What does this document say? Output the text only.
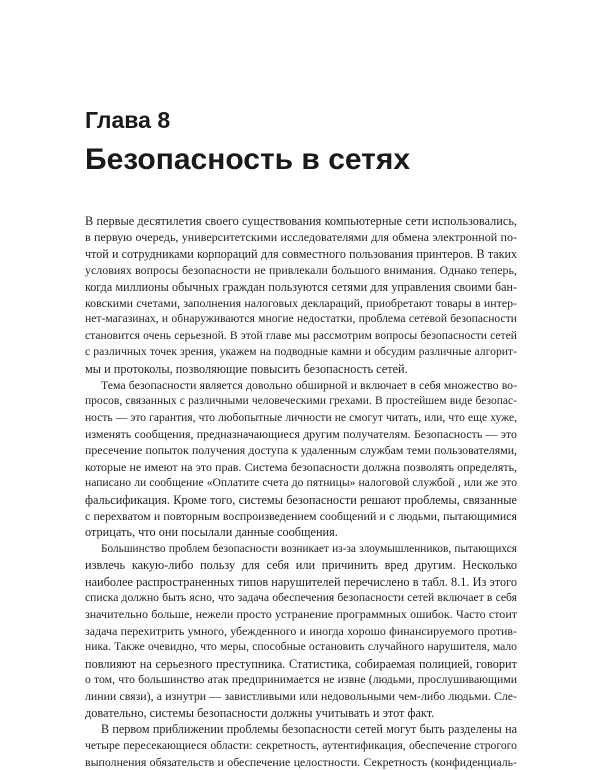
Глава 8
Безопасность в сетях
В первые десятилетия своего существования компьютерные сети использовались,
в первую очередь, университетскими исследователями для обмена электронной по-
чтой и сотрудниками корпораций для совместного пользования принтеров. В таких
условиях вопросы безопасности не привлекали большого внимания. Однако теперь,
когда миллионы обычных граждан пользуются сетями для управления своими бан-
ковскими счетами, заполнения налоговых деклараций, приобретают товары в интер-
нет-магазинах, и обнаруживаются многие недостатки, проблема сетевой безопасности
становится очень серьезной. В этой главе мы рассмотрим вопросы безопасности сетей
с различных точек зрения, укажем на подводные камни и обсудим различные алгорит-
мы и протоколы, позволяющие повысить безопасность сетей.
Тема безопасности является довольно обширной и включает в себя множество во-
просов, связанных с различными человеческими грехами. В простейшем виде безопас-
ность — это гарантия, что любопытные личности не смогут читать, или, что еще хуже,
изменять сообщения, предназначающиеся другим получателям. Безопасность — это
пресечение попыток получения доступа к удаленным службам теми пользователями,
которые не имеют на это прав. Система безопасности должна позволять определять,
написано ли сообщение «Оплатите счета до пятницы» налоговой службой , или же это
фальсификация. Кроме того, системы безопасности решают проблемы, связанные
с перехватом и повторным воспроизведением сообщений и с людьми, пытающимися
отрицать, что они посылали данные сообщения.
Большинство проблем безопасности возникает из-за злоумышленников, пытающихся
извлечь какую-либо пользу для себя или причинить вред другим. Несколько
наиболее распространенных типов нарушителей перечислено в табл. 8.1. Из этого
списка должно быть ясно, что задача обеспечения безопасности сетей включает в себя
значительно больше, нежели просто устранение программных ошибок. Часто стоит
задача перехитрить умного, убежденного и иногда хорошо финансируемого против-
ника. Также очевидно, что меры, способные остановить случайного нарушителя, мало
повлияют на серьезного преступника. Статистика, собираемая полицией, говорит
о том, что большинство атак предпринимается не извне (людьми, прослушивающими
линии связи), а изнутри — завистливыми или недовольными чем-либо людьми. Сле-
довательно, системы безопасности должны учитывать и этот факт.
В первом приближении проблемы безопасности сетей могут быть разделены на
четыре пересекающиеся области: секретность, аутентификация, обеспечение строгого
выполнения обязательств и обеспечение целостности. Секретность (конфиденциаль-
